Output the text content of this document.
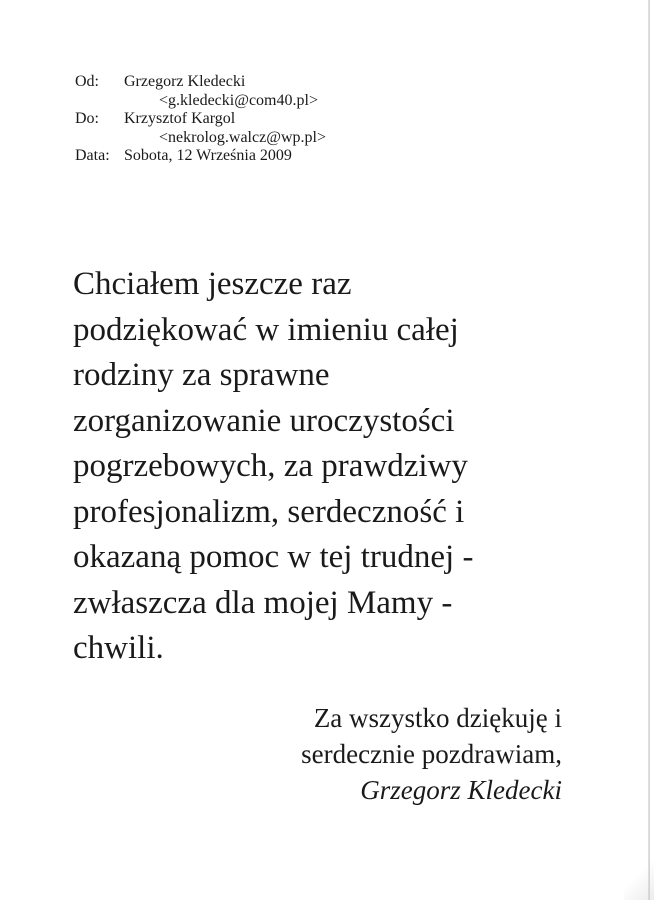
Od: Grzegorz Kledecki
<g.kledecki@com40.pl>
Do: Krzysztof Kargol
<nekrolog.walcz@wp.pl>
Data: Sobota, 12 Września 2009
Chciałem jeszcze raz
podziękować w imieniu całej
rodziny za sprawne
zorganizowanie uroczystości
pogrzebowych, za prawdziwy
profesjonalizm, serdeczność i
okazaną pomoc w tej trudnej -
zwłaszcza dla mojej Mamy -
chwili.
Za wszystko dziękuję i
serdecznie pozdrawiam,
Grzegorz Kledecki
